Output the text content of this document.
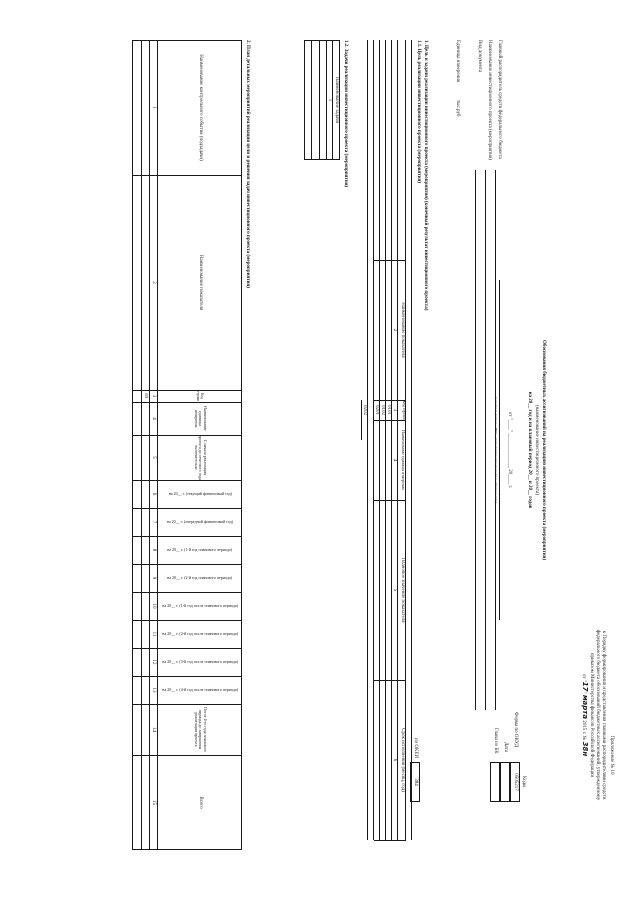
Приложение № 10
к Порядку формирования и представления главными распорядителями средств
федерального бюджета обоснований бюджетных ассигнований, утвержденному
приказом Министерства финансов Российской Федерации
от "17" марта 2015 г. № 38н
Коды
0505217
Форма по ОКУД
Дата
Глава по БК
384
по ОКЕИ
Обоснования бюджетных ассигнований на реализацию инвестиционного проекта (мероприятия)
(наименование инвестиционного проекта)
на 20__ год и на плановый период 20__ и 20__ годов
от "____" ______________ 20____ г.
(осковные данные о НПА, устанавливающие расходные обязательства)
Главный распорядитель средств федерального бюджета
Наименование инвестиционного проекта (мероприятия)
Вид документа
Единица измерения
тыс.руб
1. Цель и задачи реализации инвестиционного проекта (мероприятия) (конечный результат инвестиционного проекта)
1.1. Цель реализации инвестиционного проекта (мероприятия)
Наименование показателя
Код строки
Наименование единицы измерения
Плановое значение показателя
Срок исполнения (месяц, год)
2
3
4
5
6
0101
0102
0201
0202
1.2. Задачи реализации инвестиционного проекта (мероприятия)
Наименование задачи
1
2. План детальных мероприятий реализации цели и решения задач инвестиционного проекта (мероприятия)
Наименование контрольного события (подзадачи)
Наименование показателя
Код строки
Наименование единицы измерения
С начала реализации проекта до отчетного года включительно
на 20__ г. (текущий финансовый год)
на 20__ г. (очередной финансовый год)
на 20__ г. (1-й год планового периода)
на 20__ г. (2-й год планового периода)
на 20__ г. (1-й год после планового периода)
на 20__ г. (2-й год после планового периода)
на 20__ г. (3-й год после планового периода)
на 20__ г. (4-й год после планового периода)
После 4-го года планового периода до завершения реализации проекта
Всего
1
2
3
4
5
6
7
8
9
10
11
12
13
14
15
001
